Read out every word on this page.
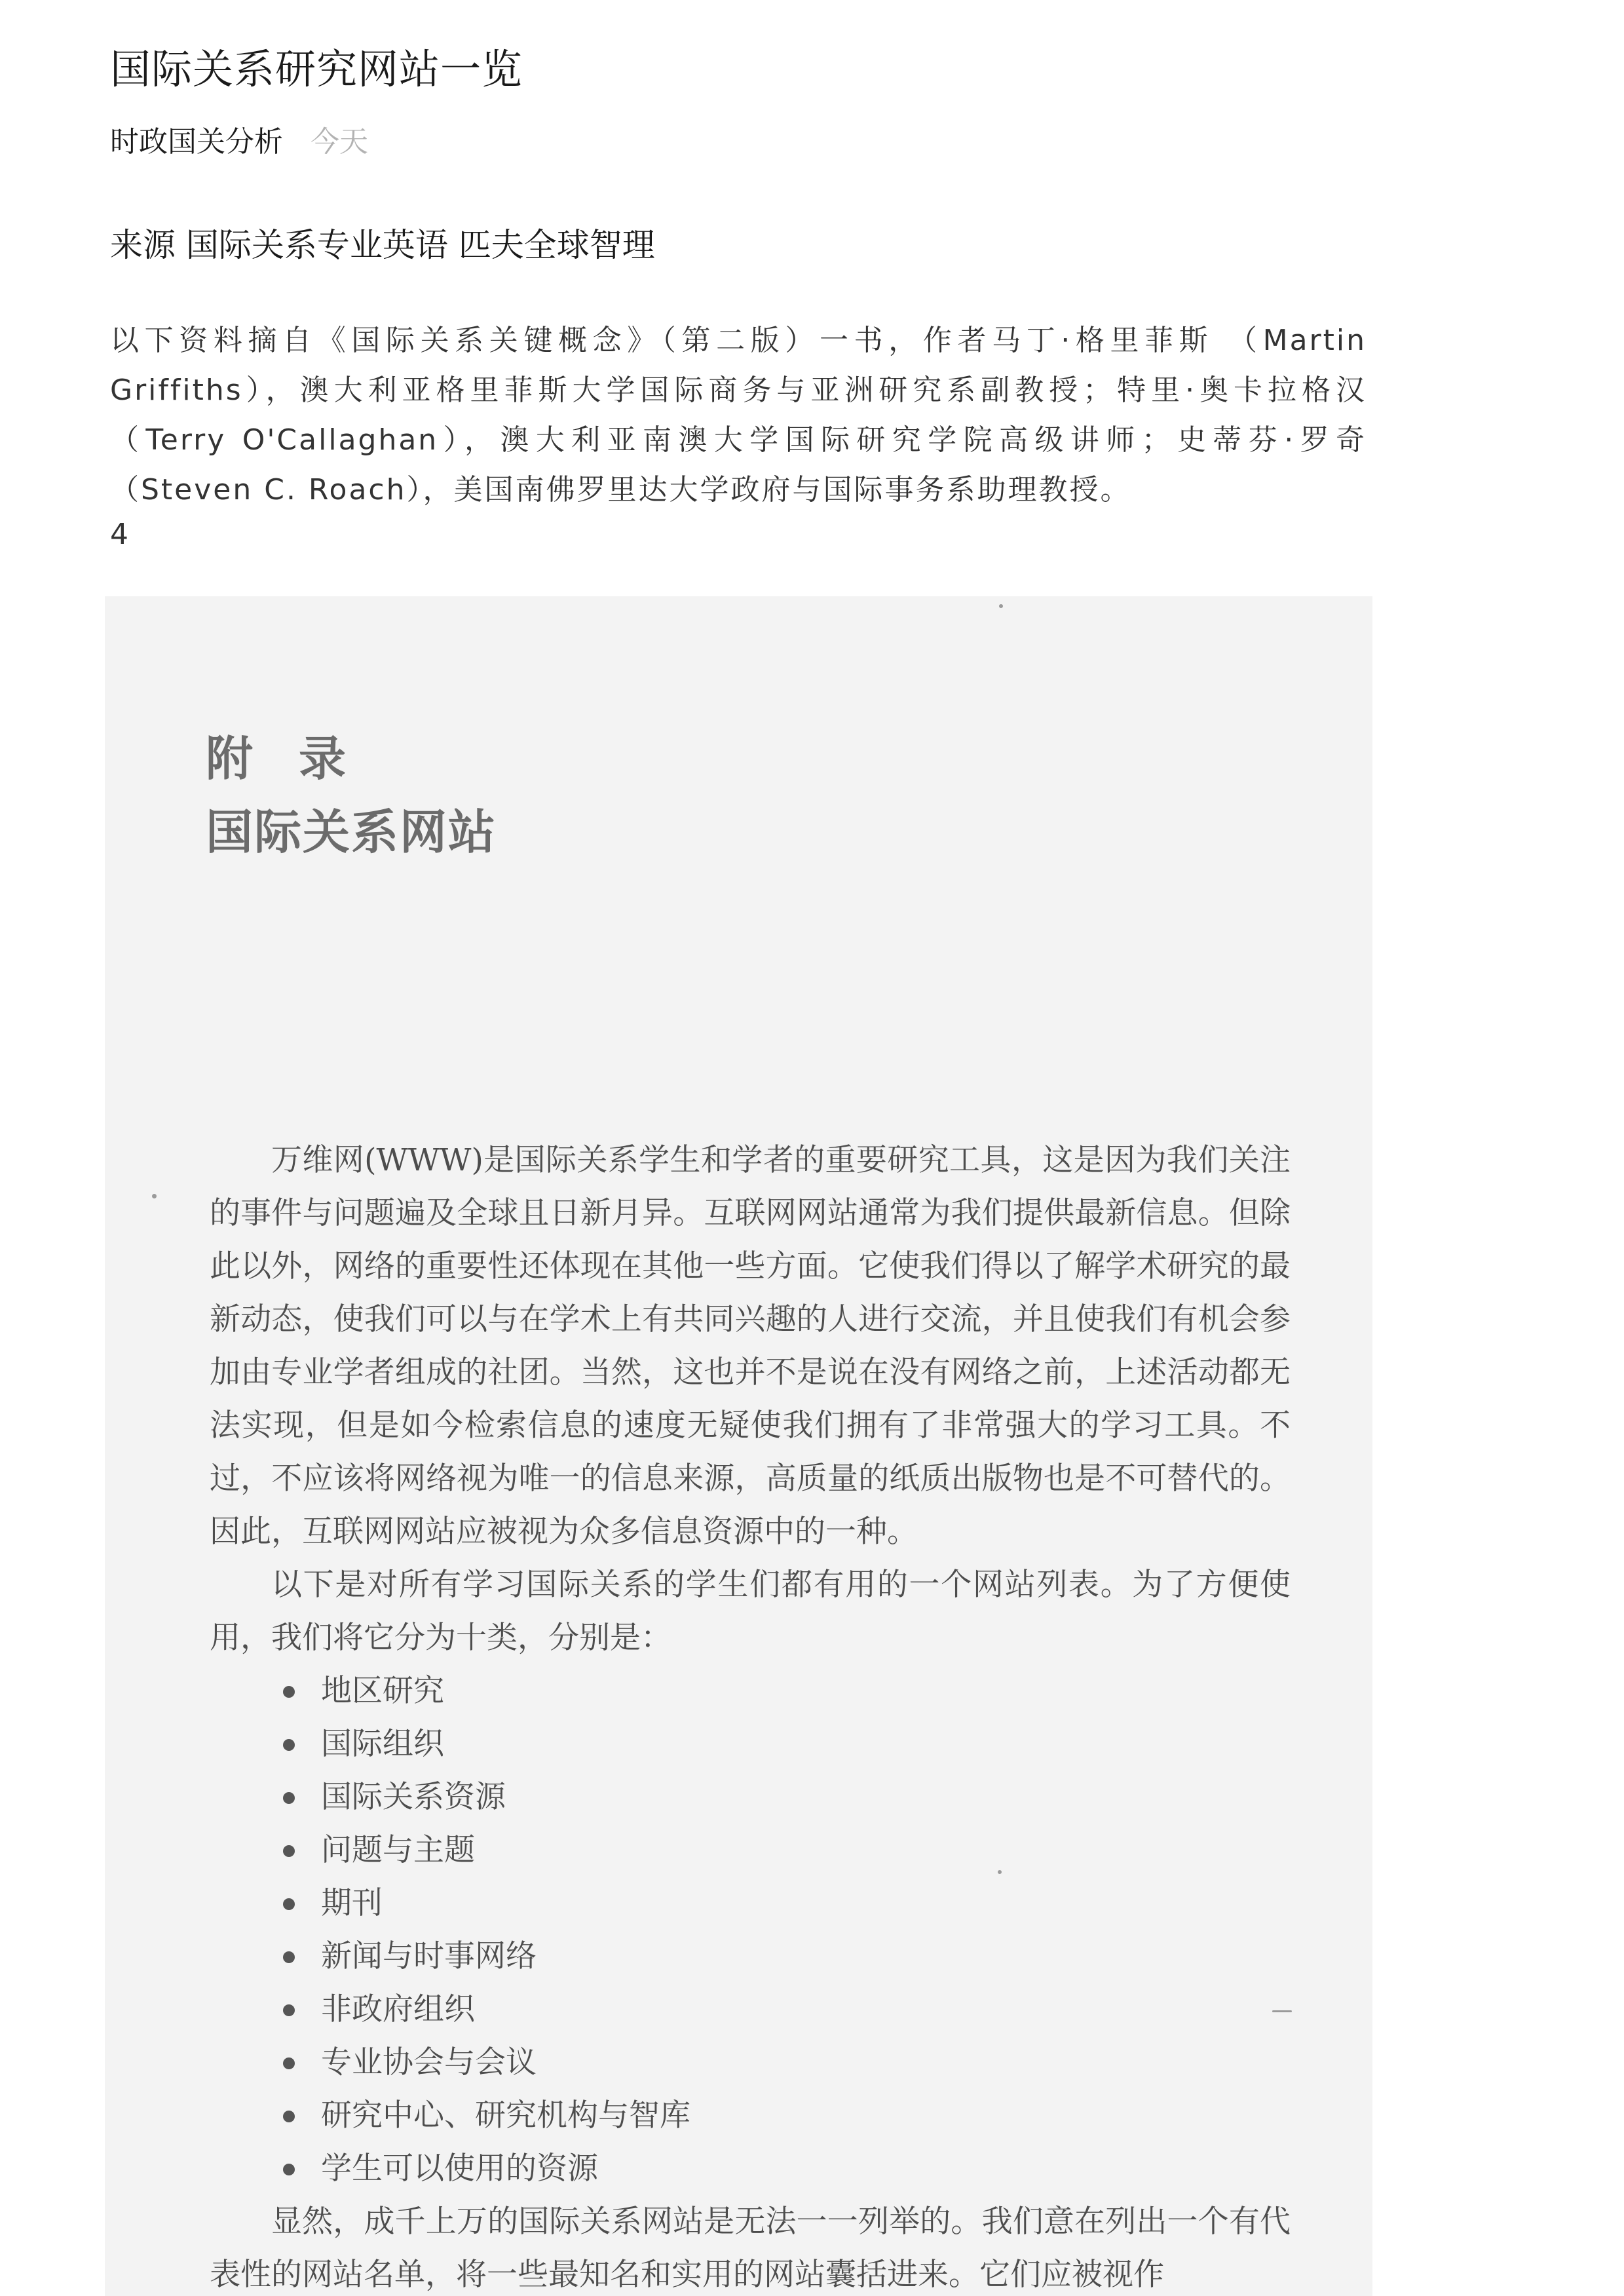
国际关系研究网站一览
时政国关分析 今天
来源 国际关系专业英语 匹夫全球智理
以下资料摘自《国际关系关键概念》（第二版）一书，作者马丁·格里菲斯 （Martin Griffiths），澳大利亚格里菲斯大学国际商务与亚洲研究系副教授；特里·奥卡拉格汉（Terry O'Callaghan），澳大利亚南澳大学国际研究学院高级讲师；史蒂芬·罗奇（Steven C. Roach），美国南佛罗里达大学政府与国际事务系助理教授。
4
附录
国际关系网站

万维网(WWW)是国际关系学生和学者的重要研究工具，这是因为我们关注的事件与问题遍及全球且日新月异。互联网网站通常为我们提供最新信息。但除此以外，网络的重要性还体现在其他一些方面。它使我们得以了解学术研究的最新动态，使我们可以与在学术上有共同兴趣的人进行交流，并且使我们有机会参加由专业学者组成的社团。当然，这也并不是说在没有网络之前，上述活动都无法实现，但是如今检索信息的速度无疑使我们拥有了非常强大的学习工具。不过，不应该将网络视为唯一的信息来源，高质量的纸质出版物也是不可替代的。因此，互联网网站应被视为众多信息资源中的一种。

以下是对所有学习国际关系的学生们都有用的一个网站列表。为了方便使用，我们将它分为十类，分别是：

地区研究
国际组织
国际关系资源
问题与主题
期刊
新闻与时事网络
非政府组织
专业协会与会议
研究中心、研究机构与智库
学生可以使用的资源

显然，成千上万的国际关系网站是无法一一列举的。我们意在列出一个有代表性的网站名单，将一些最知名和实用的网站囊括进来。它们应被视作
